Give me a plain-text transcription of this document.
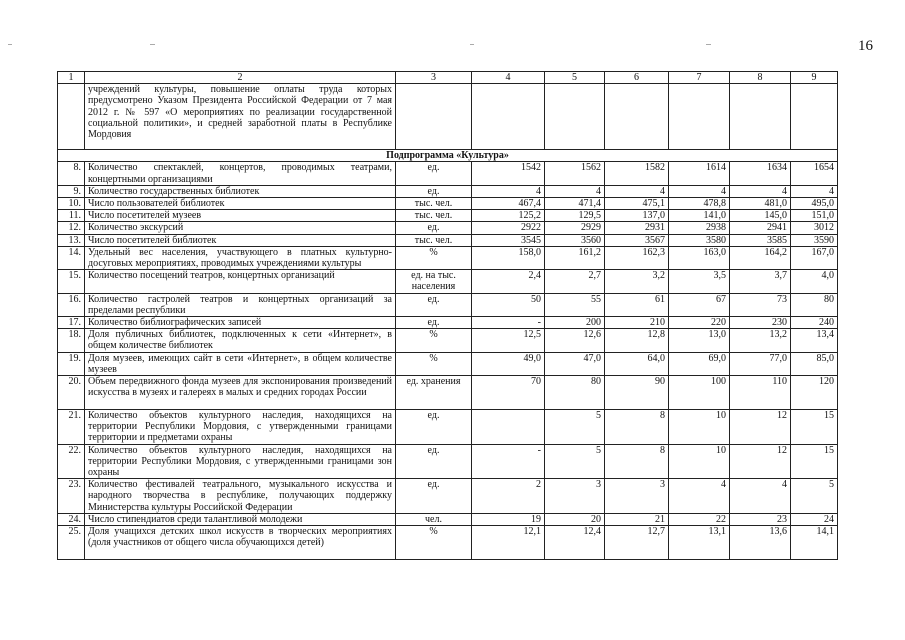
16
1	2	3	4	5	6	7	8	9
	учреждений культуры, повышение оплаты труда которых предусмотрено Указом Президента Российской Федерации от 7 мая 2012 г. № 597 «О мероприятиях по реализации государственной социальной политики», и средней заработной платы в Республике Мордовия							
Подпрограмма «Культура»								
8.	Количество спектаклей, концертов, проводимых театрами, концертными организациями	ед.	1542	1562	1582	1614	1634	1654
9.	Количество государственных библиотек	ед.	4	4	4	4	4	4
10.	Число пользователей библиотек	тыс. чел.	467,4	471,4	475,1	478,8	481,0	495,0
11.	Число посетителей музеев	тыс. чел.	125,2	129,5	137,0	141,0	145,0	151,0
12.	Количество экскурсий	ед.	2922	2929	2931	2938	2941	3012
13.	Число посетителей библиотек	тыс. чел.	3545	3560	3567	3580	3585	3590
14.	Удельный вес населения, участвующего в платных культурно-досуговых мероприятиях, проводимых учреждениями культуры	%	158,0	161,2	162,3	163,0	164,2	167,0
15.	Количество посещений театров, концертных организаций	ед. на тыс. населения	2,4	2,7	3,2	3,5	3,7	4,0
16.	Количество гастролей театров и концертных организаций за пределами республики	ед.	50	55	61	67	73	80
17.	Количество библиографических записей	ед.	-	200	210	220	230	240
18.	Доля публичных библиотек, подключенных к сети «Интернет», в общем количестве библиотек	%	12,5	12,6	12,8	13,0	13,2	13,4
19.	Доля музеев, имеющих сайт в сети «Интернет», в общем количестве музеев	%	49,0	47,0	64,0	69,0	77,0	85,0
20.	Объем передвижного фонда музеев для экспонирования произведений искусства в музеях и галереях в малых и средних городах России	ед. хранения	70	80	90	100	110	120
21.	Количество объектов культурного наследия, находящихся на территории Республики Мордовия, с утвержденными границами территории и предметами охраны	ед.		5	8	10	12	15
22.	Количество объектов культурного наследия, находящихся на территории Республики Мордовия, с утвержденными границами зон охраны	ед.	-	5	8	10	12	15
23.	Количество фестивалей театрального, музыкального искусства и народного творчества в республике, получающих поддержку Министерства культуры Российской Федерации	ед.	2	3	3	4	4	5
24.	Число стипендиатов среди талантливой молодежи	чел.	19	20	21	22	23	24
25.	Доля учащихся детских школ искусств в творческих мероприятиях (доля участников от общего числа обучающихся детей)	%	12,1	12,4	12,7	13,1	13,6	14,1
